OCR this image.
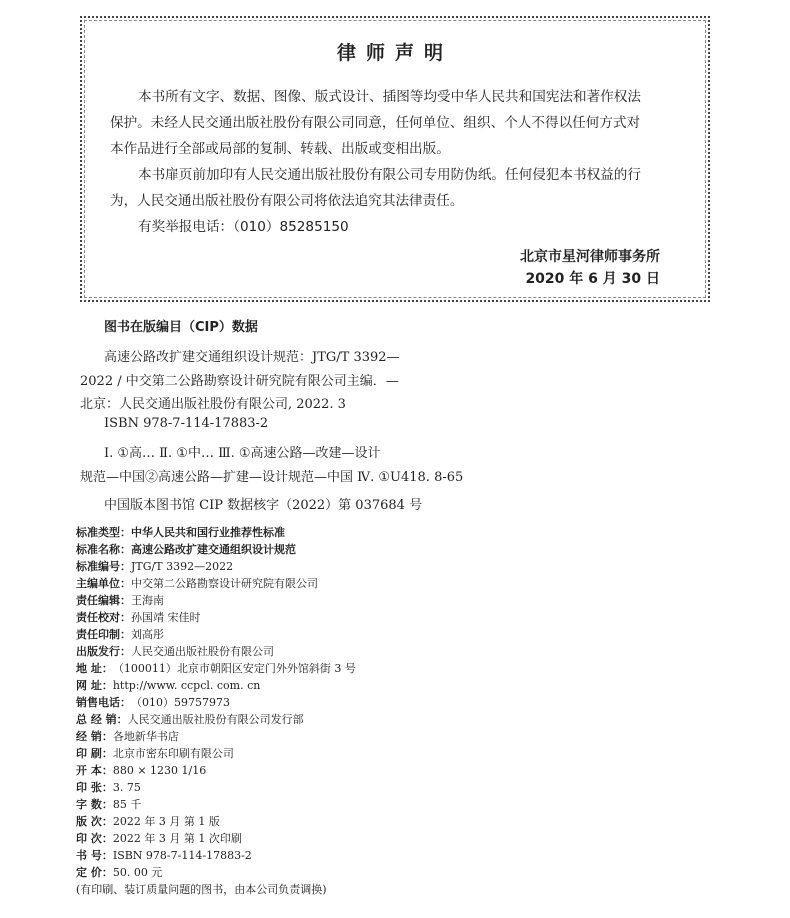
律师声明

本书所有文字、数据、图像、版式设计、插图等均受中华人民共和国宪法和著作权法

保护。未经人民交通出版社股份有限公司同意，任何单位、组织、个人不得以任何方式对
本作品进行全部或局部的复制、转载、出版或变相出版。

本书扉页前加印有人民交通出版社股份有限公司专用防伪纸。任何侵犯本书权益的行

为，人民交通出版社股份有限公司将依法追究其法律责任。

有奖举报电话：（010）85285150

北京市星河律师事务所
2020 年 6 月 30 日
图书在版编目（CIP）数据
高速公路改扩建交通组织设计规范：JTG/T 3392—
2022 / 中交第二公路勘察设计研究院有限公司主编．—
北京：人民交通出版社股份有限公司, 2022. 3
ISBN 978-7-114-17883-2
Ⅰ. ①高… Ⅱ. ①中… Ⅲ. ①高速公路—改建—设计
规范—中国②高速公路—扩建—设计规范—中国 Ⅳ. ①U418. 8-65
中国版本图书馆 CIP 数据核字（2022）第 037684 号
标准类型：中华人民共和国行业推荐性标准
标准名称：高速公路改扩建交通组织设计规范
标准编号：JTG/T 3392—2022
主编单位：中交第二公路勘察设计研究院有限公司
责任编辑：王海南
责任校对：孙国靖 宋佳时
责任印制：刘高彤
出版发行：人民交通出版社股份有限公司
地 址：（100011）北京市朝阳区安定门外外馆斜街 3 号
网 址：http://www. ccpcl. com. cn
销售电话：（010）59757973
总 经 销：人民交通出版社股份有限公司发行部
经 销：各地新华书店
印 刷：北京市密东印刷有限公司
开 本：880 × 1230 1/16
印 张：3. 75
字 数：85 千
版 次：2022 年 3 月 第 1 版
印 次：2022 年 3 月 第 1 次印刷
书 号：ISBN 978-7-114-17883-2
定 价：50. 00 元
(有印刷、装订质量问题的图书，由本公司负责调换)
